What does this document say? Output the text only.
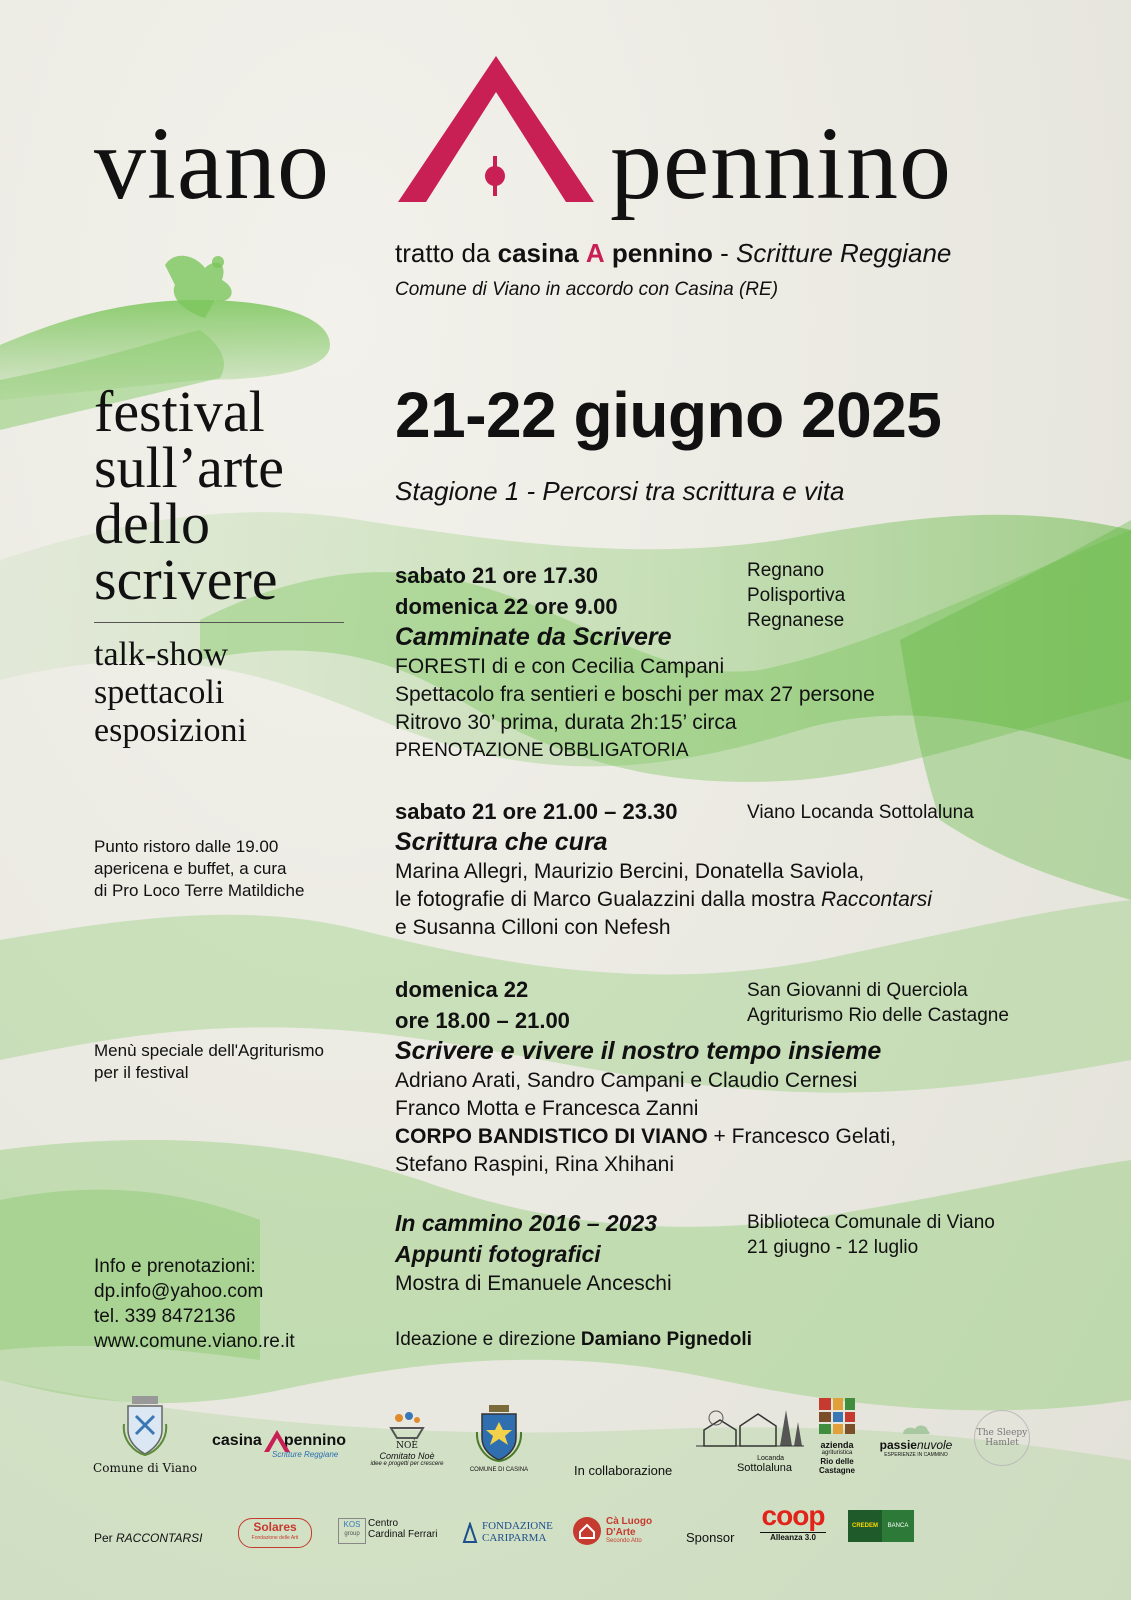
viano	pennino
tratto da casina A pennino - Scritture Reggiane
Comune di Viano in accordo con Casina (RE)
festival
sull’arte
dello
scrivere
talk-show
spettacoli
esposizioni
Punto ristoro dalle 19.00
apericena e buffet, a cura
di Pro Loco Terre Matildiche
Menù speciale dell'Agriturismo
per il festival
Info e prenotazioni:
dp.info@yahoo.com
tel. 339 8472136
www.comune.viano.re.it
21-22 giugno 2025
Stagione 1 - Percorsi tra scrittura e vita
sabato 21 ore 17.30
domenica 22 ore 9.00
Camminate da Scrivere
FORESTI di e con Cecilia Campani
Spettacolo fra sentieri e boschi per max 27 persone
Ritrovo 30’ prima, durata 2h:15’ circa
PRENOTAZIONE OBBLIGATORIA
Regnano
Polisportiva
Regnanese
sabato 21 ore 21.00 – 23.30
Scrittura che cura
Marina Allegri, Maurizio Bercini, Donatella Saviola,
le fotografie di Marco Gualazzini dalla mostra Raccontarsi
e Susanna Cilloni con Nefesh
Viano Locanda Sottolaluna
domenica 22
ore 18.00 – 21.00
Scrivere e vivere il nostro tempo insieme
Adriano Arati, Sandro Campani e Claudio Cernesi
Franco Motta e Francesca Zanni
CORPO BANDISTICO DI VIANO + Francesco Gelati,
Stefano Raspini, Rina Xhihani
San Giovanni di Querciola
Agriturismo Rio delle Castagne
In cammino 2016 – 2023
Appunti fotografici
Mostra di Emanuele Anceschi
Biblioteca Comunale di Viano
21 giugno - 12 luglio
Ideazione e direzione Damiano Pignedoli
Comune di Viano
casina pennino
Scritture Reggiane
NOÈ
Comitato Noè
idee e progetti per crescere
COMUNE DI CASINA	In collaborazione
Locanda
Sottolaluna
azienda
agrituristica
Rio delle
Castagne
passienuvole
ESPERIENZE IN CAMMINO
The Sleepy
Hamlet
Per RACCONTARSI
Solares
Fondazione delle Arti
KOS
group
Centro
Cardinal Ferrari
FONDAZIONE
CARIPARMA
Cà Luogo
D'Arte
Secondo Atto	Sponsor
coop
Alleanza 3.0
CREDEM	BANCA
